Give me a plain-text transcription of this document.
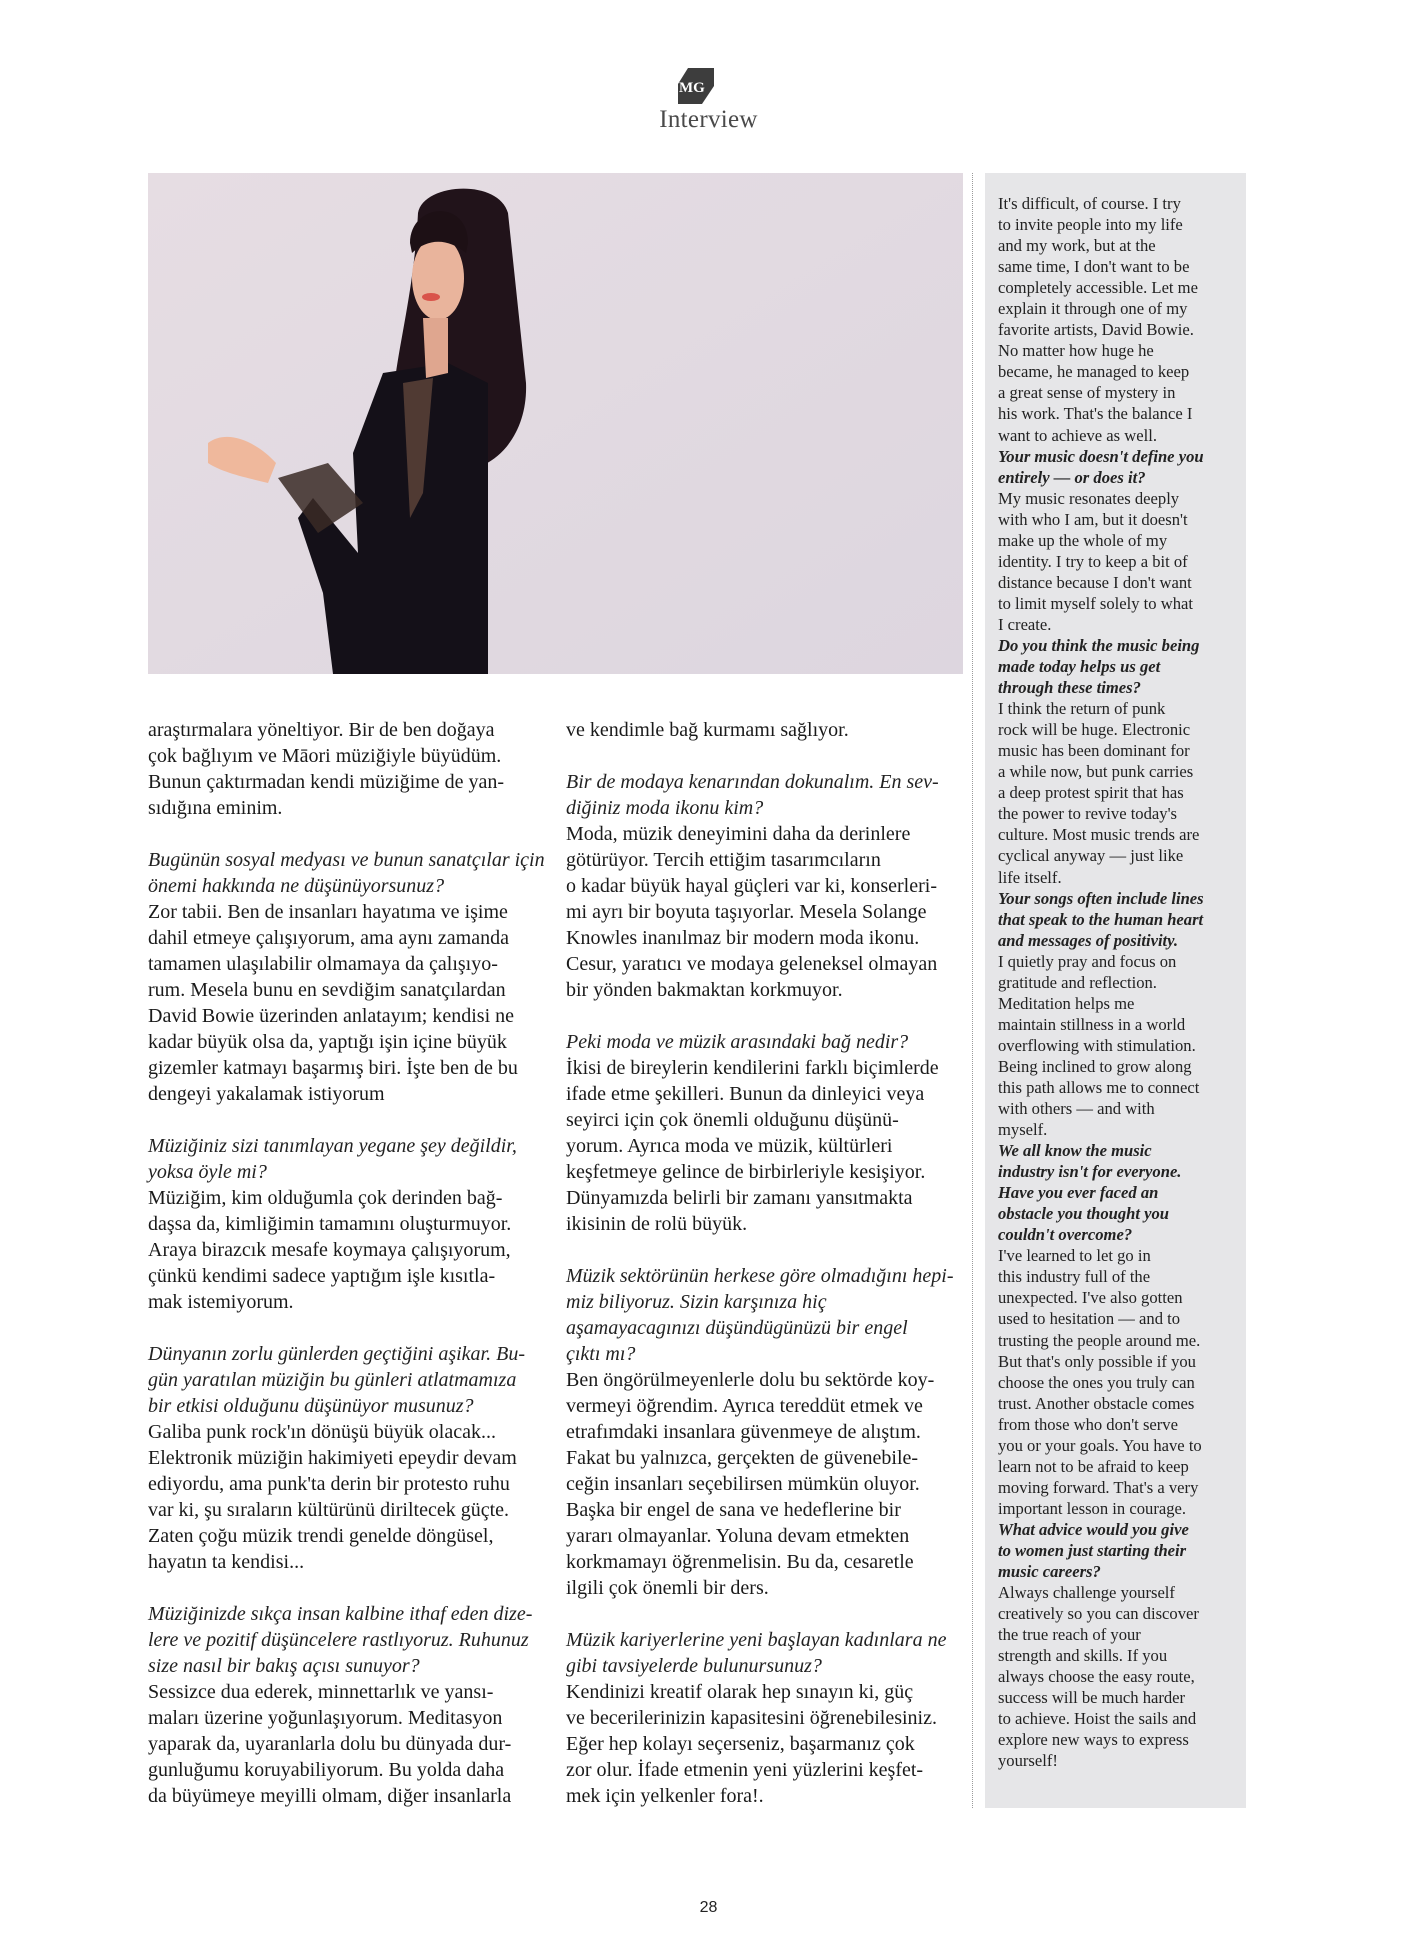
MG
Interview
araştırmalara yöneltiyor. Bir de ben doğaya
çok bağlıyım ve Māori müziğiyle büyüdüm.
Bunun çaktırmadan kendi müziğime de yan-
sıdığına eminim.
Bugünün sosyal medyası ve bunun sanatçılar için
önemi hakkında ne düşünüyorsunuz?
Zor tabii. Ben de insanları hayatıma ve işime
dahil etmeye çalışıyorum, ama aynı zamanda
tamamen ulaşılabilir olmamaya da çalışıyo-
rum. Mesela bunu en sevdiğim sanatçılardan
David Bowie üzerinden anlatayım; kendisi ne
kadar büyük olsa da, yaptığı işin içine büyük
gizemler katmayı başarmış biri. İşte ben de bu
dengeyi yakalamak istiyorum
Müziğiniz sizi tanımlayan yegane şey değildir,
yoksa öyle mi?
Müziğim, kim olduğumla çok derinden bağ-
daşsa da, kimliğimin tamamını oluşturmuyor.
Araya birazcık mesafe koymaya çalışıyorum,
çünkü kendimi sadece yaptığım işle kısıtla-
mak istemiyorum.
Dünyanın zorlu günlerden geçtiğini aşikar. Bu-
gün yaratılan müziğin bu günleri atlatmamıza
bir etkisi olduğunu düşünüyor musunuz?
Galiba punk rock'ın dönüşü büyük olacak...
Elektronik müziğin hakimiyeti epeydir devam
ediyordu, ama punk'ta derin bir protesto ruhu
var ki, şu sıraların kültürünü diriltecek güçte.
Zaten çoğu müzik trendi genelde döngüsel,
hayatın ta kendisi...
Müziğinizde sıkça insan kalbine ithaf eden dize-
lere ve pozitif düşüncelere rastlıyoruz. Ruhunuz
size nasıl bir bakış açısı sunuyor?
Sessizce dua ederek, minnettarlık ve yansı-
maları üzerine yoğunlaşıyorum. Meditasyon
yaparak da, uyaranlarla dolu bu dünyada dur-
gunluğumu koruyabiliyorum. Bu yolda daha
da büyümeye meyilli olmam, diğer insanlarla
ve kendimle bağ kurmamı sağlıyor.
Bir de modaya kenarından dokunalım. En sev-
diğiniz moda ikonu kim?
Moda, müzik deneyimini daha da derinlere
götürüyor. Tercih ettiğim tasarımcıların
o kadar büyük hayal güçleri var ki, konserleri-
mi ayrı bir boyuta taşıyorlar. Mesela Solange
Knowles inanılmaz bir modern moda ikonu.
Cesur, yaratıcı ve modaya geleneksel olmayan
bir yönden bakmaktan korkmuyor.
Peki moda ve müzik arasındaki bağ nedir?
İkisi de bireylerin kendilerini farklı biçimlerde
ifade etme şekilleri. Bunun da dinleyici veya
seyirci için çok önemli olduğunu düşünü-
yorum. Ayrıca moda ve müzik, kültürleri
keşfetmeye gelince de birbirleriyle kesişiyor.
Dünyamızda belirli bir zamanı yansıtmakta
ikisinin de rolü büyük.
Müzik sektörünün herkese göre olmadığını hepi-
miz biliyoruz. Sizin karşınıza hiç
aşamayacagınızı düşündügünüzü bir engel
çıktı mı?
Ben öngörülmeyenlerle dolu bu sektörde koy-
vermeyi öğrendim. Ayrıca tereddüt etmek ve
etrafımdaki insanlara güvenmeye de alıştım.
Fakat bu yalnızca, gerçekten de güvenebile-
ceğin insanları seçebilirsen mümkün oluyor.
Başka bir engel de sana ve hedeflerine bir
yararı olmayanlar. Yoluna devam etmekten
korkmamayı öğrenmelisin. Bu da, cesaretle
ilgili çok önemli bir ders.
Müzik kariyerlerine yeni başlayan kadınlara ne
gibi tavsiyelerde bulunursunuz?
Kendinizi kreatif olarak hep sınayın ki, güç
ve becerilerinizin kapasitesini öğrenebilesiniz.
Eğer hep kolayı seçerseniz, başarmanız çok
zor olur. İfade etmenin yeni yüzlerini keşfet-
mek için yelkenler fora!.

It's difficult, of course. I try
to invite people into my life
and my work, but at the
same time, I don't want to be
completely accessible. Let me
explain it through one of my
favorite artists, David Bowie.
No matter how huge he
became, he managed to keep
a great sense of mystery in
his work. That's the balance I
want to achieve as well.

Your music doesn't define you
entirely — or does it?

My music resonates deeply
with who I am, but it doesn't
make up the whole of my
identity. I try to keep a bit of
distance because I don't want
to limit myself solely to what
I create.

Do you think the music being
made today helps us get
through these times?

I think the return of punk
rock will be huge. Electronic
music has been dominant for
a while now, but punk carries
a deep protest spirit that has
the power to revive today's
culture. Most music trends are
cyclical anyway — just like
life itself.

Your songs often include lines
that speak to the human heart
and messages of positivity.

I quietly pray and focus on
gratitude and reflection.
Meditation helps me
maintain stillness in a world
overflowing with stimulation.
Being inclined to grow along
this path allows me to connect
with others — and with
myself.

We all know the music
industry isn't for everyone.
Have you ever faced an
obstacle you thought you
couldn't overcome?

I've learned to let go in
this industry full of the
unexpected. I've also gotten
used to hesitation — and to
trusting the people around me.
But that's only possible if you
choose the ones you truly can
trust. Another obstacle comes
from those who don't serve
you or your goals. You have to
learn not to be afraid to keep
moving forward. That's a very
important lesson in courage.

What advice would you give
to women just starting their
music careers?

Always challenge yourself
creatively so you can discover
the true reach of your
strength and skills. If you
always choose the easy route,
success will be much harder
to achieve. Hoist the sails and
explore new ways to express
yourself!

28
